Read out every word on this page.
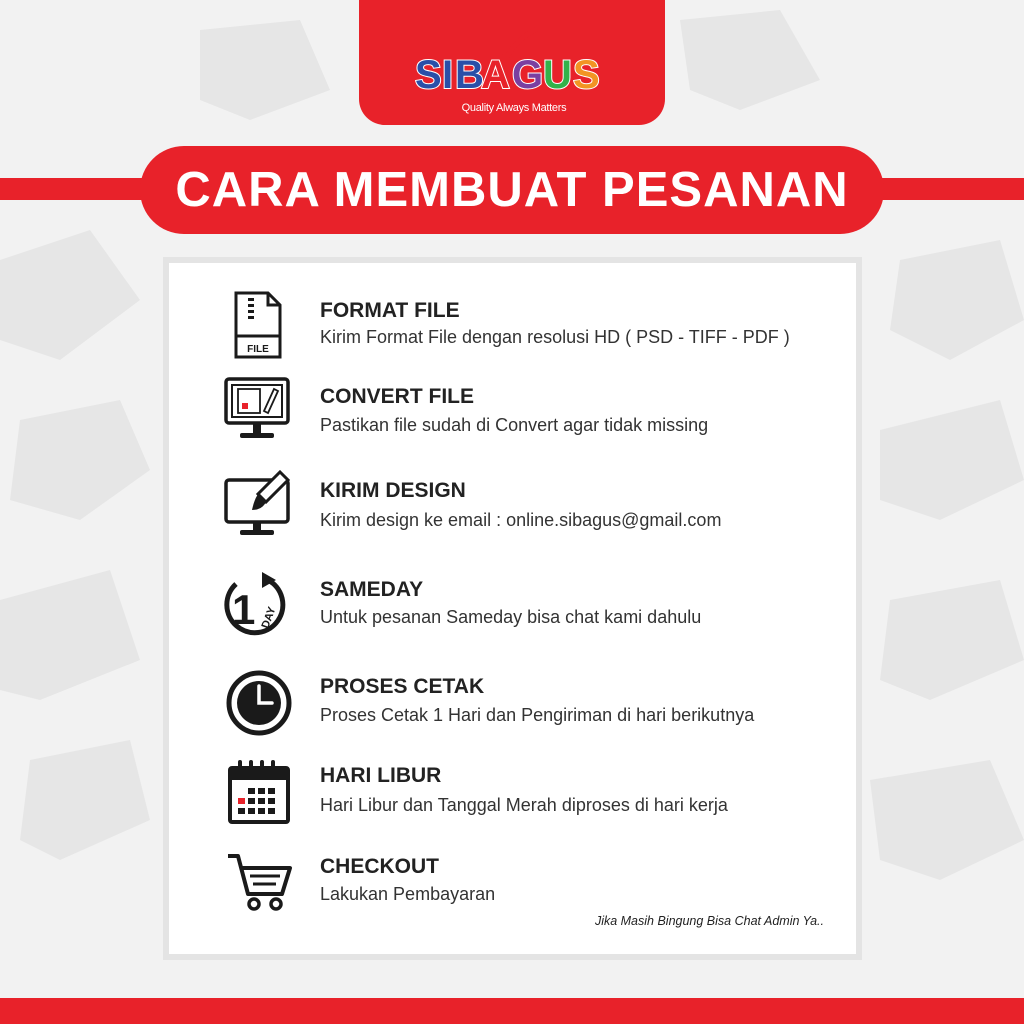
S I B
A G U S
Quality Always Matters
CARA MEMBUAT PESANAN
FILE
FORMAT FILE
Kirim Format File dengan resolusi HD ( PSD - TIFF - PDF )
CONVERT FILE
Pastikan file sudah di Convert agar tidak missing
KIRIM DESIGN
Kirim design ke email : online.sibagus@gmail.com
1 DAY
SAMEDAY
Untuk pesanan Sameday bisa chat kami dahulu
PROSES CETAK
Proses Cetak 1 Hari dan Pengiriman di hari berikutnya
HARI LIBUR
Hari Libur dan Tanggal Merah diproses di hari kerja
CHECKOUT
Lakukan Pembayaran
Jika Masih Bingung Bisa Chat Admin Ya..
